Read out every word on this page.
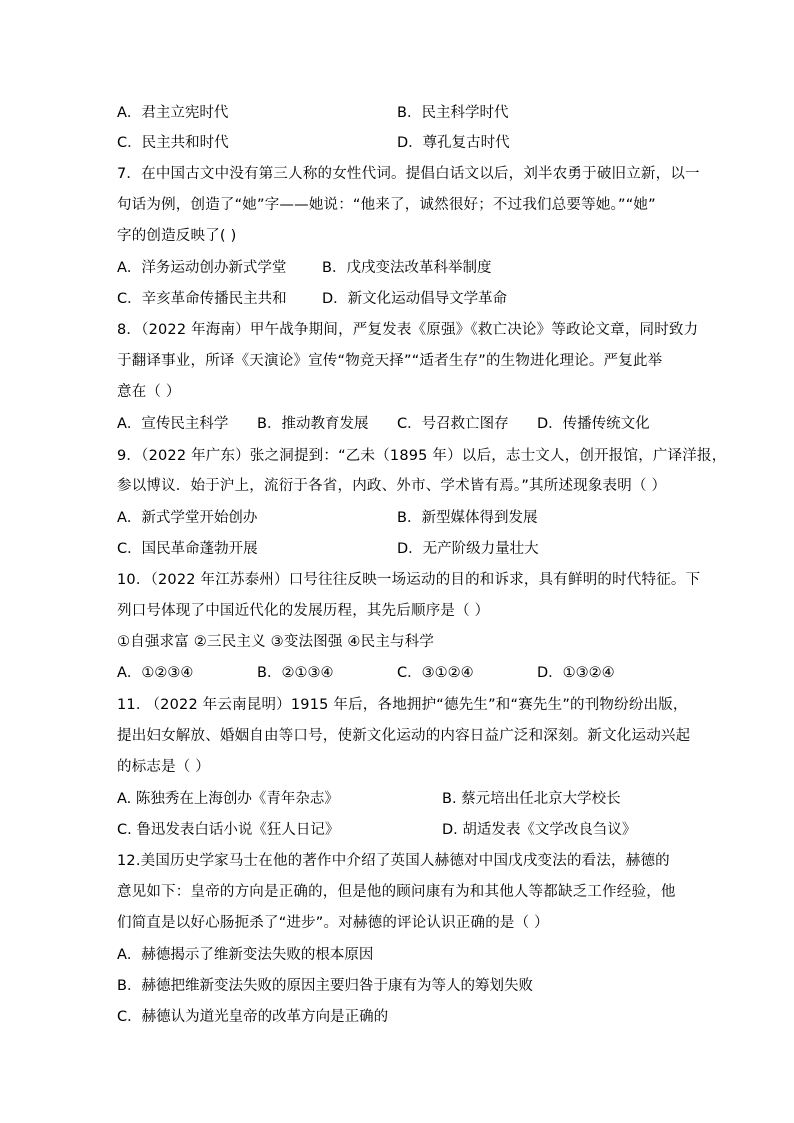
A．君主立宪时代	B．民主科学时代
C．民主共和时代	D．尊孔复古时代
7．在中国古文中没有第三人称的女性代词。提倡白话文以后，刘半农勇于破旧立新，以一
句话为例，创造了“她”字——她说：“他来了，诚然很好；不过我们总要等她。”“她”
字的创造反映了( )
A．洋务运动创办新式学堂 B．戊戌变法改革科举制度
C．辛亥革命传播民主共和 D．新文化运动倡导文学革命
8．（2022 年海南）甲午战争期间，严复发表《原强》《救亡决论》等政论文章，同时致力
于翻译事业，所译《天演论》宣传“物竞天择”“适者生存”的生物进化理论。严复此举
意在（ ）
A．宣传民主科学 B．推动教育发展 C．号召救亡图存 D．传播传统文化
9．（2022 年广东）张之洞提到：“乙未（1895 年）以后，志士文人，创开报馆，广译洋报，
参以博议．始于沪上，流衍于各省，内政、外市、学术皆有焉。”其所述现象表明（ ）
A．新式学堂开始创办	B．新型媒体得到发展
C．国民革命蓬勃开展	D．无产阶级力量壮大
10．（2022 年江苏泰州）口号往往反映一场运动的目的和诉求，具有鲜明的时代特征。下
列口号体现了中国近代化的发展历程，其先后顺序是（ ）
①自强求富 ②三民主义 ③变法图强 ④民主与科学
A．①②③④	B．②①③④	C．③①②④	D．①③②④
11. （2022 年云南昆明）1915 年后，各地拥护“德先生”和“赛先生”的刊物纷纷出版，
提出妇女解放、婚姻自由等口号，使新文化运动的内容日益广泛和深刻。新文化运动兴起
的标志是（ ）
A. 陈独秀在上海创办《青年杂志》	B. 蔡元培出任北京大学校长
C. 鲁迅发表白话小说《狂人日记》	D. 胡适发表《文学改良刍议》
12.美国历史学家马士在他的著作中介绍了英国人赫德对中国戊戌变法的看法，赫德的
意见如下：皇帝的方向是正确的，但是他的顾问康有为和其他人等都缺乏工作经验，他
们简直是以好心肠扼杀了“进步”。对赫德的评论认识正确的是（ ）
A．赫德揭示了维新变法失败的根本原因
B．赫德把维新变法失败的原因主要归咎于康有为等人的筹划失败
C．赫德认为道光皇帝的改革方向是正确的
